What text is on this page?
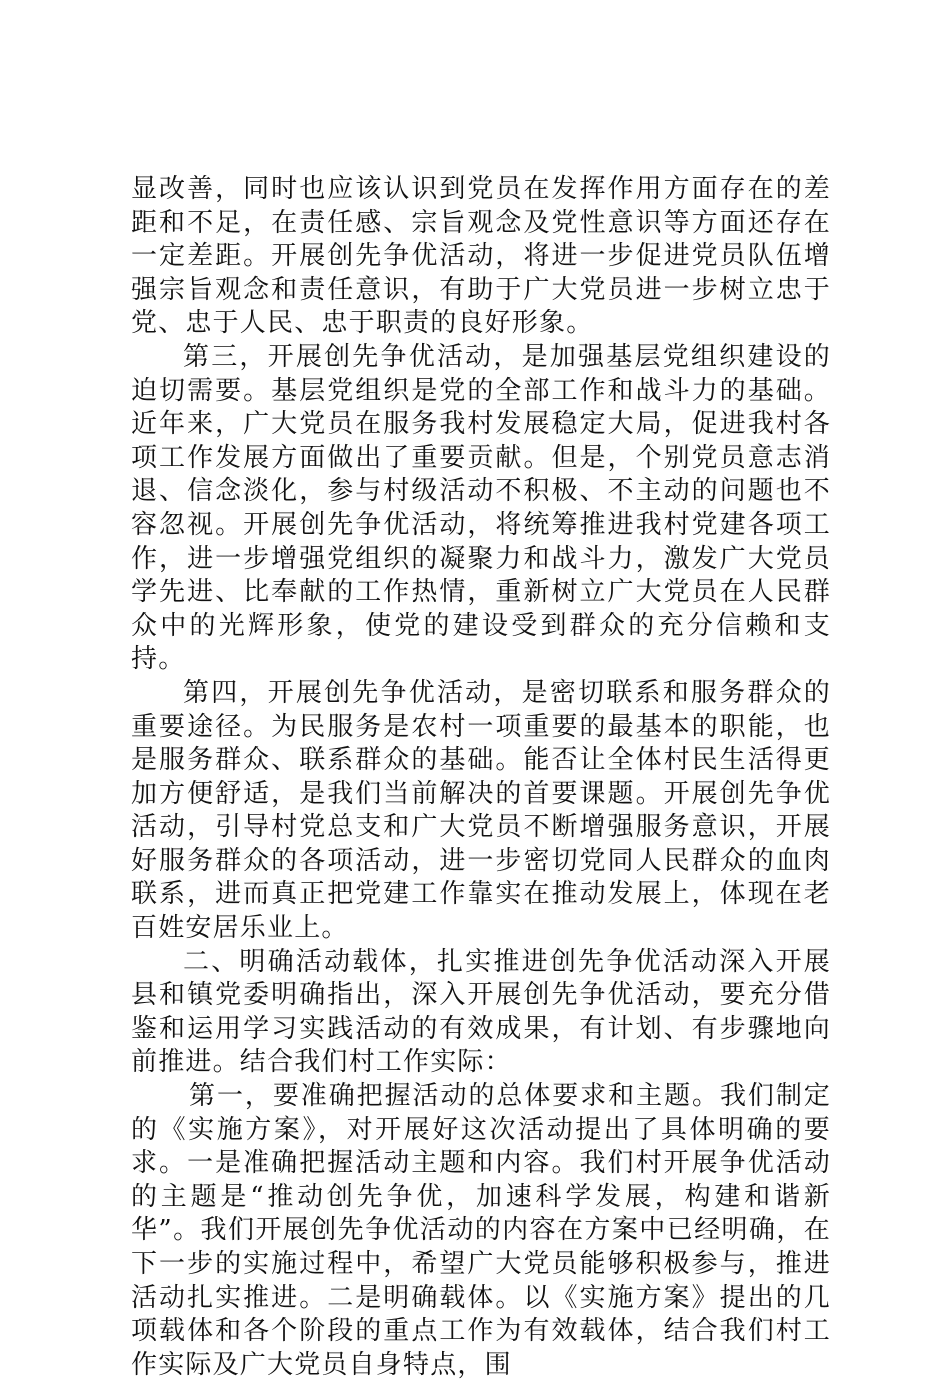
显改善，同时也应该认识到党员在发挥作用方面存在的差距和不足，在责任感、宗旨观念及党性意识等方面还存在一定差距。开展创先争优活动，将进一步促进党员队伍增强宗旨观念和责任意识，有助于广大党员进一步树立忠于党、忠于人民、忠于职责的良好形象。

第三，开展创先争优活动，是加强基层党组织建设的迫切需要。基层党组织是党的全部工作和战斗力的基础。近年来，广大党员在服务我村发展稳定大局，促进我村各项工作发展方面做出了重要贡献。但是，个别党员意志消退、信念淡化，参与村级活动不积极、不主动的问题也不容忽视。开展创先争优活动，将统筹推进我村党建各项工作，进一步增强党组织的凝聚力和战斗力，激发广大党员学先进、比奉献的工作热情，重新树立广大党员在人民群众中的光辉形象，使党的建设受到群众的充分信赖和支持。

第四，开展创先争优活动，是密切联系和服务群众的重要途径。为民服务是农村一项重要的最基本的职能，也是服务群众、联系群众的基础。能否让全体村民生活得更加方便舒适，是我们当前解决的首要课题。开展创先争优活动，引导村党总支和广大党员不断增强服务意识，开展好服务群众的各项活动，进一步密切党同人民群众的血肉联系，进而真正把党建工作靠实在推动发展上，体现在老百姓安居乐业上。

二、明确活动载体，扎实推进创先争优活动深入开展县和镇党委明确指出，深入开展创先争优活动，要充分借鉴和运用学习实践活动的有效成果，有计划、有步骤地向前推进。结合我们村工作实际：

第一，要准确把握活动的总体要求和主题。我们制定的《实施方案》，对开展好这次活动提出了具体明确的要求。一是准确把握活动主题和内容。我们村开展争优活动的主题是“推动创先争优，加速科学发展，构建和谐新华”。我们开展创先争优活动的内容在方案中已经明确，在下一步的实施过程中，希望广大党员能够积极参与，推进活动扎实推进。二是明确载体。以《实施方案》提出的几项载体和各个阶段的重点工作为有效载体，结合我们村工作实际及广大党员自身特点，围
